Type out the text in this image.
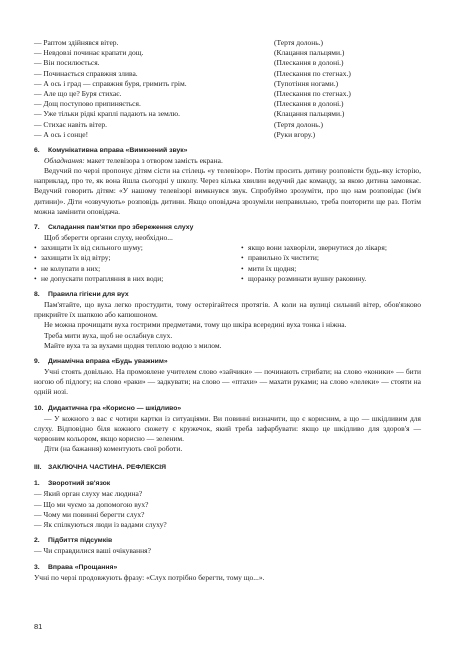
— Раптом здійнявся вітер.	(Тертя долонь.)
— Невдовзі починає крапати дощ.	(Клацання пальцями.)
— Він посилюється.	(Плескання в долоні.)
— Починається справжня злива.	(Плескання по стегнах.)
— А ось і град — справжня буря, гримить грім.	(Тупотіння ногами.)
— Але що це? Буря стихає.	(Плескання по стегнах.)
— Дощ поступово припиняється.	(Плескання в долоні.)
— Уже тільки рідкі краплі падають на землю.	(Клацання пальцями.)
— Стихає навіть вітер.	(Тертя долонь.)
— А ось і сонце!	(Руки вгору.)
6. Комунікативна вправа «Вимкнений звук»
Обладнання: макет телевізора з отвором замість екрана.
Ведучий по черзі пропонує дітям сісти на стілець «у телевізор». Потім просить дитину розповісти будь-яку історію, наприклад, про те, як вона йшла сьогодні у школу. Через кілька хвилин ведучий дає команду, за якою дитина замовкає. Ведучий говорить дітям: «У нашому телевізорі вимкнувся звук. Спробуймо зрозуміти, про що нам розповідає (ім'я дитини)». Діти «озвучують» розповідь дитини. Якщо оповідача зрозуміли неправильно, треба повторити ще раз. Потім можна замінити оповідача.
7. Складання пам'ятки про збереження слуху
Щоб зберегти органи слуху, необхідно...
• захищати їх від сильного шуму;	• якщо вони захворіли, звернутися до лікаря;
• захищати їх від вітру;	• правильно їх чистити;
• не колупати в них;	• мити їх щодня;
• не допускати потрапляння в них води;	• щоранку розминати вушну раковину.
8. Правила гігієни для вух
Пам'ятайте, що вуха легко простудити, тому остерігайтеся протягів. А коли на вулиці сильний вітер, обов'язково прикрийте їх шапкою або капюшоном.
Не можна прочищати вуха гострими предметами, тому що шкіра всередині вуха тонка і ніжна.
Треба мити вуха, щоб не ослабнув слух.
Майте вуха та за вухами щодня теплою водою з милом.
9. Динамічна вправа «Будь уважним»
Учні стоять довільно. На промовлене учителем слово «зайчики» — починають стрибати; на слово «коники» — бити ногою об підлогу; на слово «раки» — задкувати; на слово — «птахи» — махати руками; на слово «лелеки» — стояти на одній нозі.
10. Дидактична гра «Корисно — шкідливо»
— У кожного з вас є чотири картки із ситуаціями. Ви повинні визначити, що є корисним, а що — шкідливим для слуху. Відповідно біля кожного сюжету є кружечок, який треба зафарбувати: якщо це шкідливо для здоров'я — червоним кольором, якщо корисно — зеленим.
Діти (на бажання) коментують свої роботи.
III. ЗАКЛЮЧНА ЧАСТИНА. РЕФЛЕКСІЯ
1. Зворотний зв'язок
— Який орган слуху має людина?
— Що ми чуємо за допомогою вух?
— Чому ми повинні берегти слух?
— Як спілкуються люди із вадами слуху?
2. Підбиття підсумків
— Чи справдилися ваші очікування?
3. Вправа «Прощання»
Учні по черзі продовжують фразу: «Слух потрібно берегти, тому що...».
81
